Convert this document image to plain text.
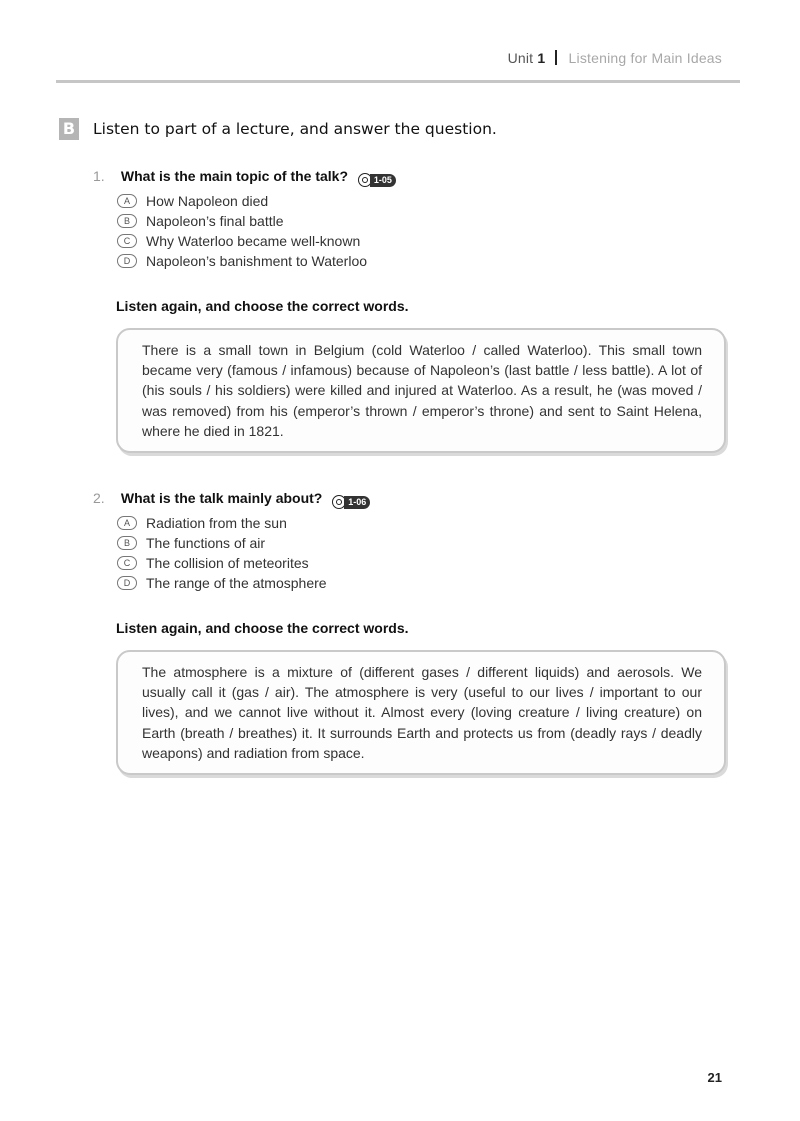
Unit 1 Listening for Main Ideas
B Listen to part of a lecture, and answer the question.
1. What is the main topic of the talk?	1-05
A	How Napoleon died
B	Napoleon’s final battle
C	Why Waterloo became well-known
D	Napoleon’s banishment to Waterloo
Listen again, and choose the correct words.
There is a small town in Belgium (cold Waterloo / called Waterloo). This small town became very (famous / infamous) because of Napoleon’s (last battle / less battle). A lot of (his souls / his soldiers) were killed and injured at Waterloo. As a result, he (was moved / was removed) from his (emperor’s thrown / emperor’s throne) and sent to Saint Helena, where he died in 1821.
2. What is the talk mainly about?	1-06
A	Radiation from the sun
B	The functions of air
C	The collision of meteorites
D	The range of the atmosphere
Listen again, and choose the correct words.
The atmosphere is a mixture of (different gases / different liquids) and aerosols. We usually call it (gas / air). The atmosphere is very (useful to our lives / important to our lives), and we cannot live without it. Almost every (loving creature / living creature) on Earth (breath / breathes) it. It surrounds Earth and protects us from (deadly rays / deadly weapons) and radiation from space.
21
